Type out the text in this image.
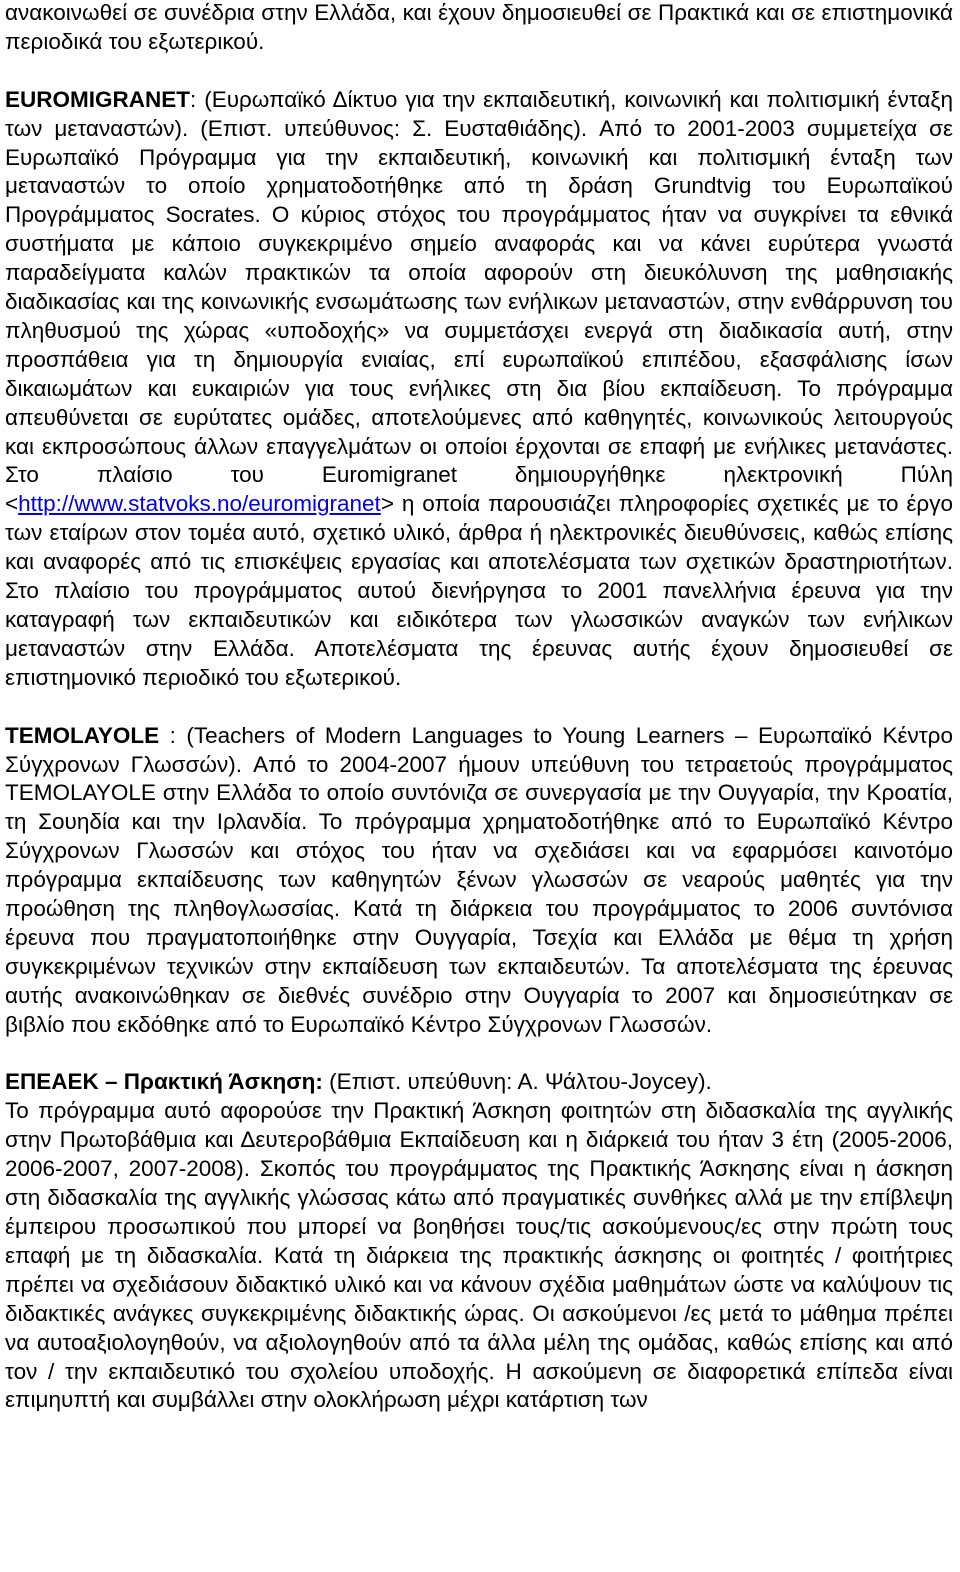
ανακοινωθεί σε συνέδρια στην Ελλάδα, και έχουν δημοσιευθεί σε Πρακτικά και σε επιστημονικά περιοδικά του εξωτερικού.

EUROMIGRANET: (Ευρωπαϊκό Δίκτυο για την εκπαιδευτική, κοινωνική και πολιτισμική ένταξη των μεταναστών). (Επιστ. υπεύθυνος: Σ. Ευσταθιάδης). Από το 2001-2003 συμμετείχα σε Ευρωπαϊκό Πρόγραμμα για την εκπαιδευτική, κοινωνική και πολιτισμική ένταξη των μεταναστών το οποίο χρηματοδοτήθηκε από τη δράση Grundtvig του Ευρωπαϊκού Προγράμματος Socrates. Ο κύριος στόχος του προγράμματος ήταν να συγκρίνει τα εθνικά συστήματα με κάποιο συγκεκριμένο σημείο αναφοράς και να κάνει ευρύτερα γνωστά παραδείγματα καλών πρακτικών τα οποία αφορούν στη διευκόλυνση της μαθησιακής διαδικασίας και της κοινωνικής ενσωμάτωσης των ενήλικων μεταναστών, στην ενθάρρυνση του πληθυσμού της χώρας «υποδοχής» να συμμετάσχει ενεργά στη διαδικασία αυτή, στην προσπάθεια για τη δημιουργία ενιαίας, επί ευρωπαϊκού επιπέδου, εξασφάλισης ίσων δικαιωμάτων και ευκαιριών για τους ενήλικες στη δια βίου εκπαίδευση. Το πρόγραμμα απευθύνεται σε ευρύτατες ομάδες, αποτελούμενες από καθηγητές, κοινωνικούς λειτουργούς και εκπροσώπους άλλων επαγγελμάτων οι οποίοι έρχονται σε επαφή με ενήλικες μετανάστες. Στο πλαίσιο του Euromigranet δημιουργήθηκε ηλεκτρονική Πύλη <http://www.statvoks.no/euromigranet> η οποία παρουσιάζει πληροφορίες σχετικές με το έργο των εταίρων στον τομέα αυτό, σχετικό υλικό, άρθρα ή ηλεκτρονικές διευθύνσεις, καθώς επίσης και αναφορές από τις επισκέψεις εργασίας και αποτελέσματα των σχετικών δραστηριοτήτων. Στο πλαίσιο του προγράμματος αυτού διενήργησα το 2001 πανελλήνια έρευνα για την καταγραφή των εκπαιδευτικών και ειδικότερα των γλωσσικών αναγκών των ενήλικων μεταναστών στην Ελλάδα. Αποτελέσματα της έρευνας αυτής έχουν δημοσιευθεί σε επιστημονικό περιοδικό του εξωτερικού.

TEMOLAYOLE : (Teachers of Modern Languages to Young Learners – Ευρωπαϊκό Κέντρο Σύγχρονων Γλωσσών). Από το 2004-2007 ήμουν υπεύθυνη του τετραετούς προγράμματος TEMOLAYOLE στην Ελλάδα το οποίο συντόνιζα σε συνεργασία με την Ουγγαρία, την Κροατία, τη Σουηδία και την Ιρλανδία. Το πρόγραμμα χρηματοδοτήθηκε από το Ευρωπαϊκό Κέντρο Σύγχρονων Γλωσσών και στόχος του ήταν να σχεδιάσει και να εφαρμόσει καινοτόμο πρόγραμμα εκπαίδευσης των καθηγητών ξένων γλωσσών σε νεαρούς μαθητές για την προώθηση της πληθογλωσσίας. Κατά τη διάρκεια του προγράμματος το 2006 συντόνισα έρευνα που πραγματοποιήθηκε στην Ουγγαρία, Τσεχία και Ελλάδα με θέμα τη χρήση συγκεκριμένων τεχνικών στην εκπαίδευση των εκπαιδευτών. Τα αποτελέσματα της έρευνας αυτής ανακοινώθηκαν σε διεθνές συνέδριο στην Ουγγαρία το 2007 και δημοσιεύτηκαν σε βιβλίο που εκδόθηκε από το Ευρωπαϊκό Κέντρο Σύγχρονων Γλωσσών.

ΕΠΕΑΕΚ – Πρακτική Άσκηση: (Επιστ. υπεύθυνη: Α. Ψάλτου-Joycey).

Το πρόγραμμα αυτό αφορούσε την Πρακτική Άσκηση φοιτητών στη διδασκαλία της αγγλικής στην Πρωτοβάθμια και Δευτεροβάθμια Εκπαίδευση και η διάρκειά του ήταν 3 έτη (2005-2006, 2006-2007, 2007-2008). Σκοπός του προγράμματος της Πρακτικής Άσκησης είναι η άσκηση στη διδασκαλία της αγγλικής γλώσσας κάτω από πραγματικές συνθήκες αλλά με την επίβλεψη έμπειρου προσωπικού που μπορεί να βοηθήσει τους/τις ασκούμενους/ες στην πρώτη τους επαφή με τη διδασκαλία. Κατά τη διάρκεια της πρακτικής άσκησης οι φοιτητές / φοιτήτριες πρέπει να σχεδιάσουν διδακτικό υλικό και να κάνουν σχέδια μαθημάτων ώστε να καλύψουν τις διδακτικές ανάγκες συγκεκριμένης διδακτικής ώρας. Οι ασκούμενοι /ες μετά το μάθημα πρέπει να αυτοαξιολογηθούν, να αξιολογηθούν από τα άλλα μέλη της ομάδας, καθώς επίσης και από τον / την εκπαιδευτικό του σχολείου υποδοχής. Η ασκούμενη σε διαφορετικά επίπεδα είναι επιμηυπτή και συμβάλλει στην ολοκλήρωση μέχρι κατάρτιση των
